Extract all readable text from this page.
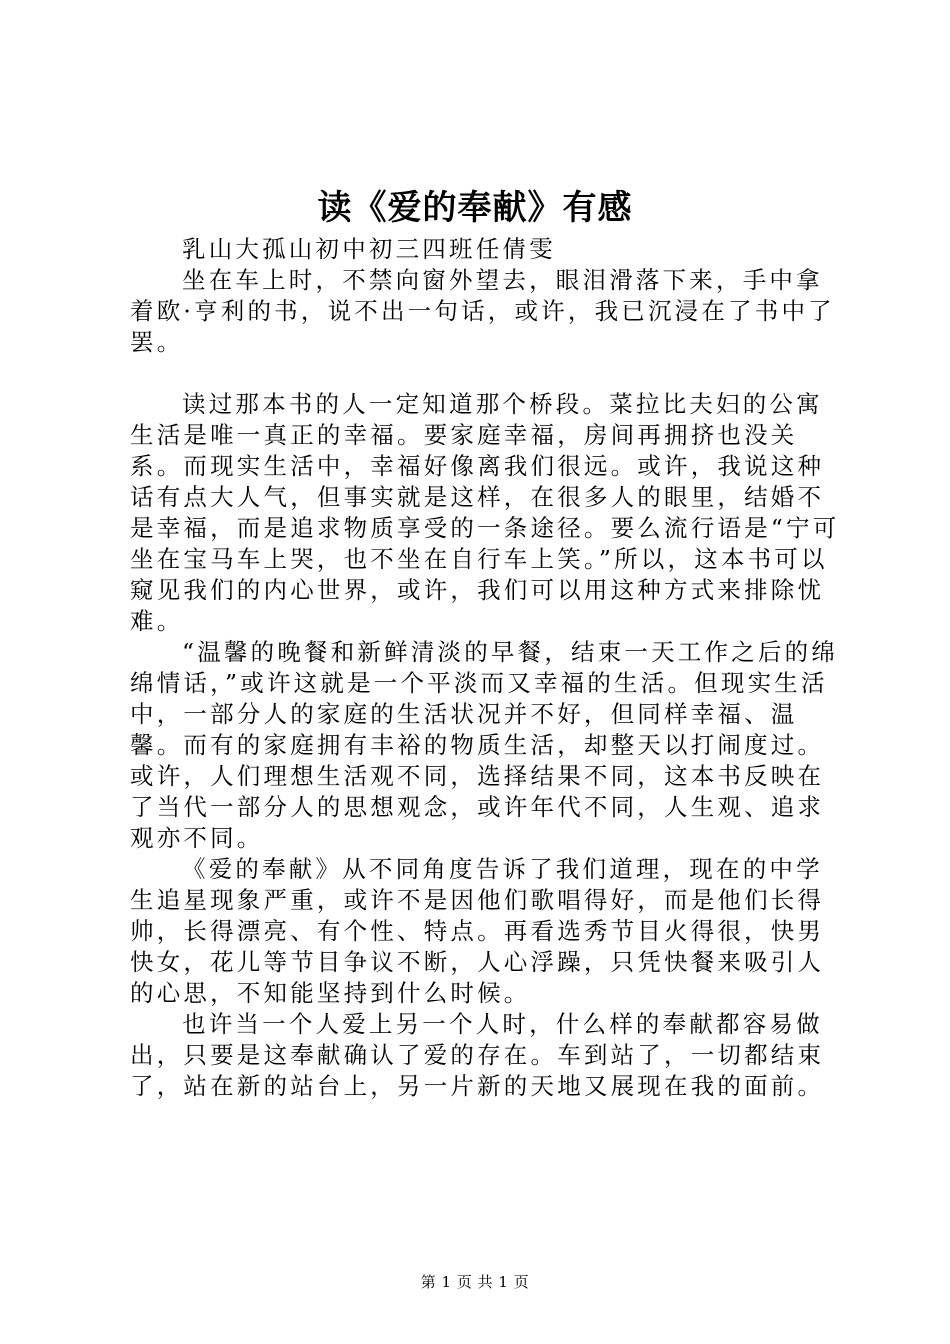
读《爱的奉献》有感

乳山大孤山初中初三四班任倩雯

坐在车上时，不禁向窗外望去，眼泪滑落下来，手中拿着欧·亨利的书，说不出一句话，或许，我已沉浸在了书中了罢。

读过那本书的人一定知道那个桥段。菜拉比夫妇的公寓生活是唯一真正的幸福。要家庭幸福，房间再拥挤也没关系。而现实生活中，幸福好像离我们很远。或许，我说这种话有点大人气，但事实就是这样，在很多人的眼里，结婚不是幸福，而是追求物质享受的一条途径。要么流行语是“宁可坐在宝马车上哭，也不坐在自行车上笑。”所以，这本书可以窥见我们的内心世界，或许，我们可以用这种方式来排除忧难。

“温馨的晚餐和新鲜清淡的早餐，结束一天工作之后的绵绵情话，”或许这就是一个平淡而又幸福的生活。但现实生活中，一部分人的家庭的生活状况并不好，但同样幸福、温馨。而有的家庭拥有丰裕的物质生活，却整天以打闹度过。或许，人们理想生活观不同，选择结果不同，这本书反映在了当代一部分人的思想观念，或许年代不同，人生观、追求观亦不同。

《爱的奉献》从不同角度告诉了我们道理，现在的中学生追星现象严重，或许不是因他们歌唱得好，而是他们长得帅，长得漂亮、有个性、特点。再看选秀节目火得很，快男快女，花儿等节目争议不断，人心浮躁，只凭快餐来吸引人的心思，不知能坚持到什么时候。

也许当一个人爱上另一个人时，什么样的奉献都容易做出，只要是这奉献确认了爱的存在。车到站了，一切都结束了，站在新的站台上，另一片新的天地又展现在我的面前。

第 1 页 共 1 页
